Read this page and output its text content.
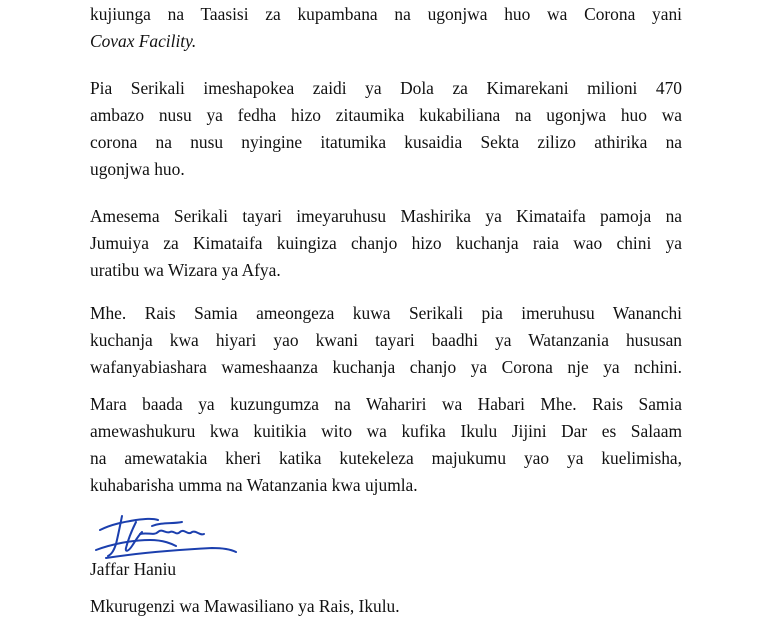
kujiunga na Taasisi za kupambana na ugonjwa huo wa Corona yani
Covax Facility.

Pia Serikali imeshapokea zaidi ya Dola za Kimarekani milioni 470
ambazo nusu ya fedha hizo zitaumika kukabiliana na ugonjwa huo wa
corona na nusu nyingine itatumika kusaidia Sekta zilizo athirika na
ugonjwa huo.

Amesema Serikali tayari imeyaruhusu Mashirika ya Kimataifa pamoja na
Jumuiya za Kimataifa kuingiza chanjo hizo kuchanja raia wao chini ya
uratibu wa Wizara ya Afya.

Mhe. Rais Samia ameongeza kuwa Serikali pia imeruhusu Wananchi
kuchanja kwa hiyari yao kwani tayari baadhi ya Watanzania hususan
wafanyabiashara wameshaanza kuchanja chanjo ya Corona nje ya nchini.

Mara baada ya kuzungumza na Wahariri wa Habari Mhe. Rais Samia
amewashukuru kwa kuitikia wito wa kufika Ikulu Jijini Dar es Salaam
na amewatakia kheri katika kutekeleza majukumu yao ya kuelimisha,
kuhabarisha umma na Watanzania kwa ujumla.

Jaffar Haniu
Mkurugenzi wa Mawasiliano ya Rais, Ikulu.
